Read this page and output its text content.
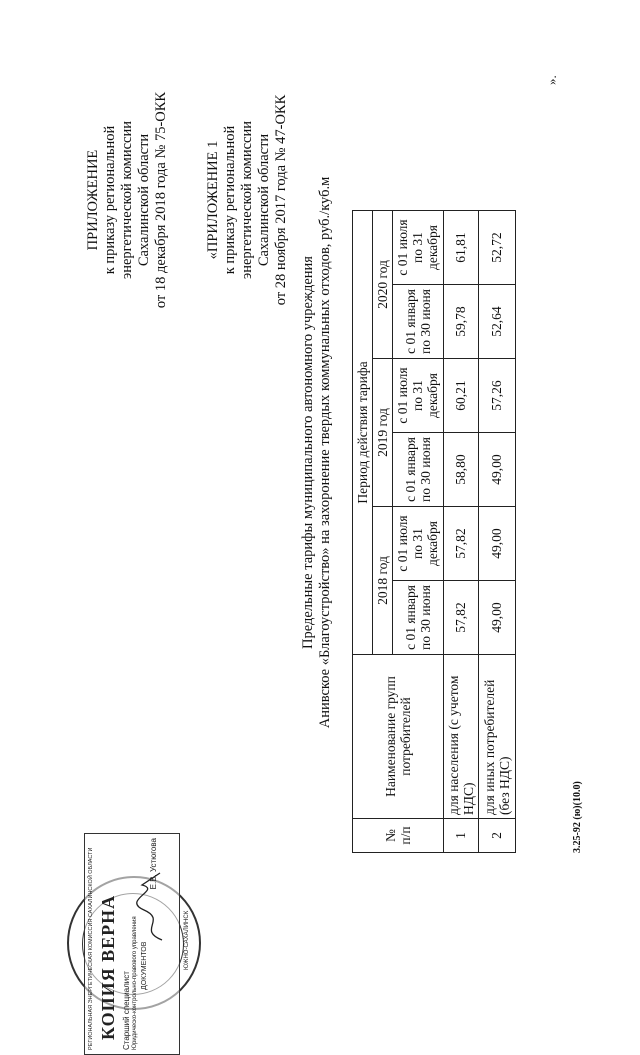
ПРИЛОЖЕНИЕ к приказу региональной энергетической комиссии Сахалинской области от 18 декабря 2018 года № 75-ОКК «ПРИЛОЖЕНИЕ 1 к приказу региональной энергетической комиссии Сахалинской области от 28 ноября 2017 года № 47-ОКК
Предельные тарифы муниципального автономного учреждения Анивское «Благоустройство» на захоронение твердых коммунальных отходов, руб./куб.м
№ п/п	Наименование групп потребителей	Период действия тарифа					
		2018 год		2019 год		2020 год	
		с 01 января по 30 июня	с 01 июля по 31 декабря	с 01 января по 30 июня	с 01 июля по 31 декабря	с 01 января по 30 июня	с 01 июля по 31 декабря
1	для населения (с учетом НДС)	57,82	57,82	58,80	60,21	59,78	61,81
2	для иных потребителей (без НДС)	49,00	49,00	49,00	57,26	52,64	52,72
».
3.25-92 (ю)(10.0)
РЕГИОНАЛЬНАЯ ЭНЕРГЕТИЧЕСКАЯ КОМИССИЯ САХАЛИНСКОЙ ОБЛАСТИ КОПИЯ ВЕРНА Старший специалист Юридическо-контрольно-правового управления ДОКУМЕНТОВ
Е.В. Устюгова
ЮЖНО-САХАЛИНСК
